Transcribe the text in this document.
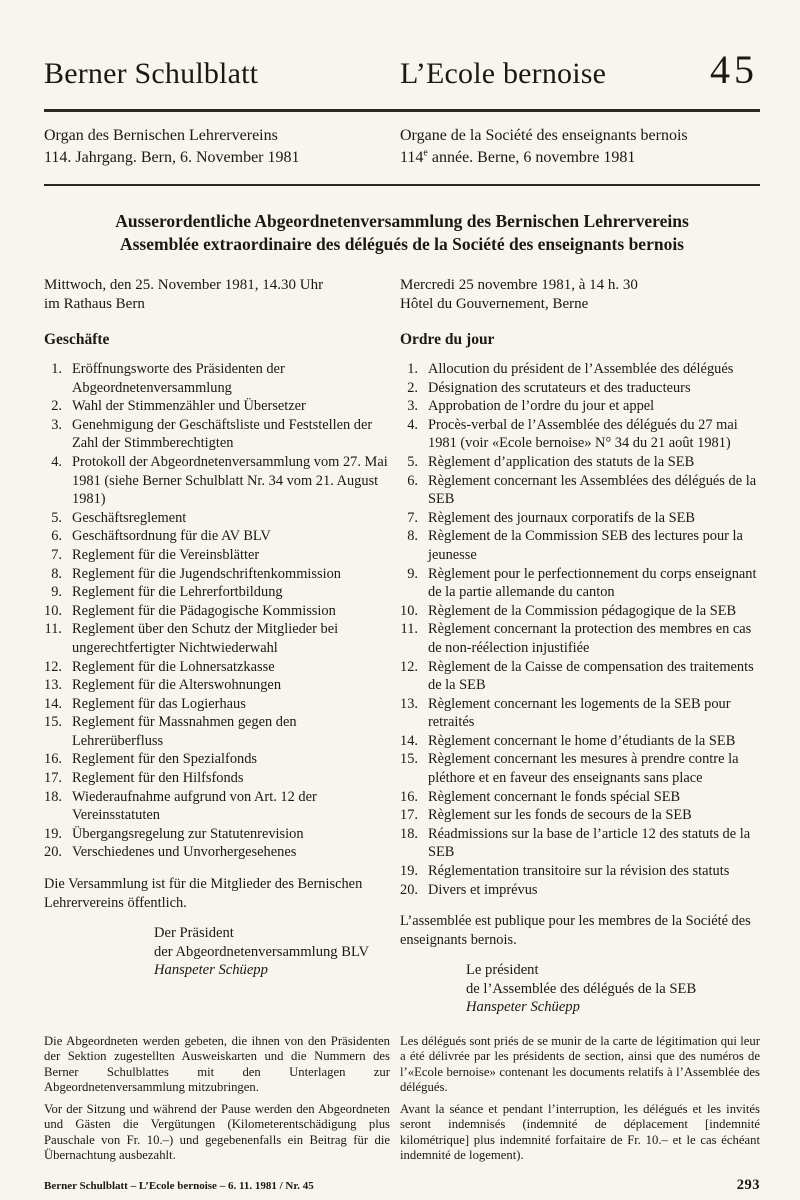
Berner Schulblatt	L’Ecole bernoise	45

Organ des Bernischen Lehrervereins

114. Jahrgang. Bern, 6. November 1981

Organe de la Société des enseignants bernois

114e année. Berne, 6 novembre 1981

Ausserordentliche Abgeordnetenversammlung des Bernischen Lehrervereins

Assemblée extraordinaire des délégués de la Société des enseignants bernois

Mittwoch, den 25. November 1981, 14.30 Uhr

im Rathaus Bern

Geschäfte
1. Eröffnungsworte des Präsidenten der Abgeordnetenversammlung
2. Wahl der Stimmenzähler und Übersetzer
3. Genehmigung der Geschäftsliste und Feststellen der Zahl der Stimmberechtigten
4. Protokoll der Abgeordnetenversammlung vom 27. Mai 1981 (siehe Berner Schulblatt Nr. 34 vom 21. August 1981)
5. Geschäftsreglement
6. Geschäftsordnung für die AV BLV
7. Reglement für die Vereinsblätter
8. Reglement für die Jugendschriftenkommission
9. Reglement für die Lehrerfortbildung
10. Reglement für die Pädagogische Kommission
11. Reglement über den Schutz der Mitglieder bei ungerechtfertigter Nichtwiederwahl
12. Reglement für die Lohnersatzkasse
13. Reglement für die Alterswohnungen
14. Reglement für das Logierhaus
15. Reglement für Massnahmen gegen den Lehrerüberfluss
16. Reglement für den Spezialfonds
17. Reglement für den Hilfsfonds
18. Wiederaufnahme aufgrund von Art. 12 der Vereinsstatuten
19. Übergangsregelung zur Statutenrevision
20. Verschiedenes und Unvorhergesehenes

Die Versammlung ist für die Mitglieder des Bernischen Lehrervereins öffentlich.

Der Präsident

der Abgeordnetenversammlung BLV

Hanspeter Schüepp

Mercredi 25 novembre 1981, à 14 h. 30

Hôtel du Gouvernement, Berne

Ordre du jour
1. Allocution du président de l’Assemblée des délégués
2. Désignation des scrutateurs et des traducteurs
3. Approbation de l’ordre du jour et appel
4. Procès-verbal de l’Assemblée des délégués du 27 mai 1981 (voir «Ecole bernoise» N° 34 du 21 août 1981)
5. Règlement d’application des statuts de la SEB
6. Règlement concernant les Assemblées des délégués de la SEB
7. Règlement des journaux corporatifs de la SEB
8. Règlement de la Commission SEB des lectures pour la jeunesse
9. Règlement pour le perfectionnement du corps enseignant de la partie allemande du canton
10. Règlement de la Commission pédagogique de la SEB
11. Règlement concernant la protection des membres en cas de non-réélection injustifiée
12. Règlement de la Caisse de compensation des traitements de la SEB
13. Règlement concernant les logements de la SEB pour retraités
14. Règlement concernant le home d’étudiants de la SEB
15. Règlement concernant les mesures à prendre contre la pléthore et en faveur des enseignants sans place
16. Règlement concernant le fonds spécial SEB
17. Règlement sur les fonds de secours de la SEB
18. Réadmissions sur la base de l’article 12 des statuts de la SEB
19. Réglementation transitoire sur la révision des statuts
20. Divers et imprévus

L’assemblée est publique pour les membres de la Société des enseignants bernois.

Le président

de l’Assemblée des délégués de la SEB

Hanspeter Schüepp

Die Abgeordneten werden gebeten, die ihnen von den Präsidenten der Sektion zugestellten Ausweiskarten und die Nummern des Berner Schulblattes mit den Unterlagen zur Abgeordnetenversammlung mitzubringen.

Vor der Sitzung und während der Pause werden den Abgeordneten und Gästen die Vergütungen (Kilometerentschädigung plus Pauschale von Fr. 10.–) und gegebenenfalls ein Beitrag für die Übernachtung ausbezahlt.

Les délégués sont priés de se munir de la carte de légitimation qui leur a été délivrée par les présidents de section, ainsi que des numéros de l’«Ecole bernoise» contenant les documents relatifs à l’Assemblée des délégués.

Avant la séance et pendant l’interruption, les délégués et les invités seront indemnisés (indemnité de déplacement [indemnité kilométrique] plus indemnité forfaitaire de Fr. 10.– et le cas échéant indemnité de logement).

Berner Schulblatt – L’Ecole bernoise – 6. 11. 1981 / Nr. 45	293
